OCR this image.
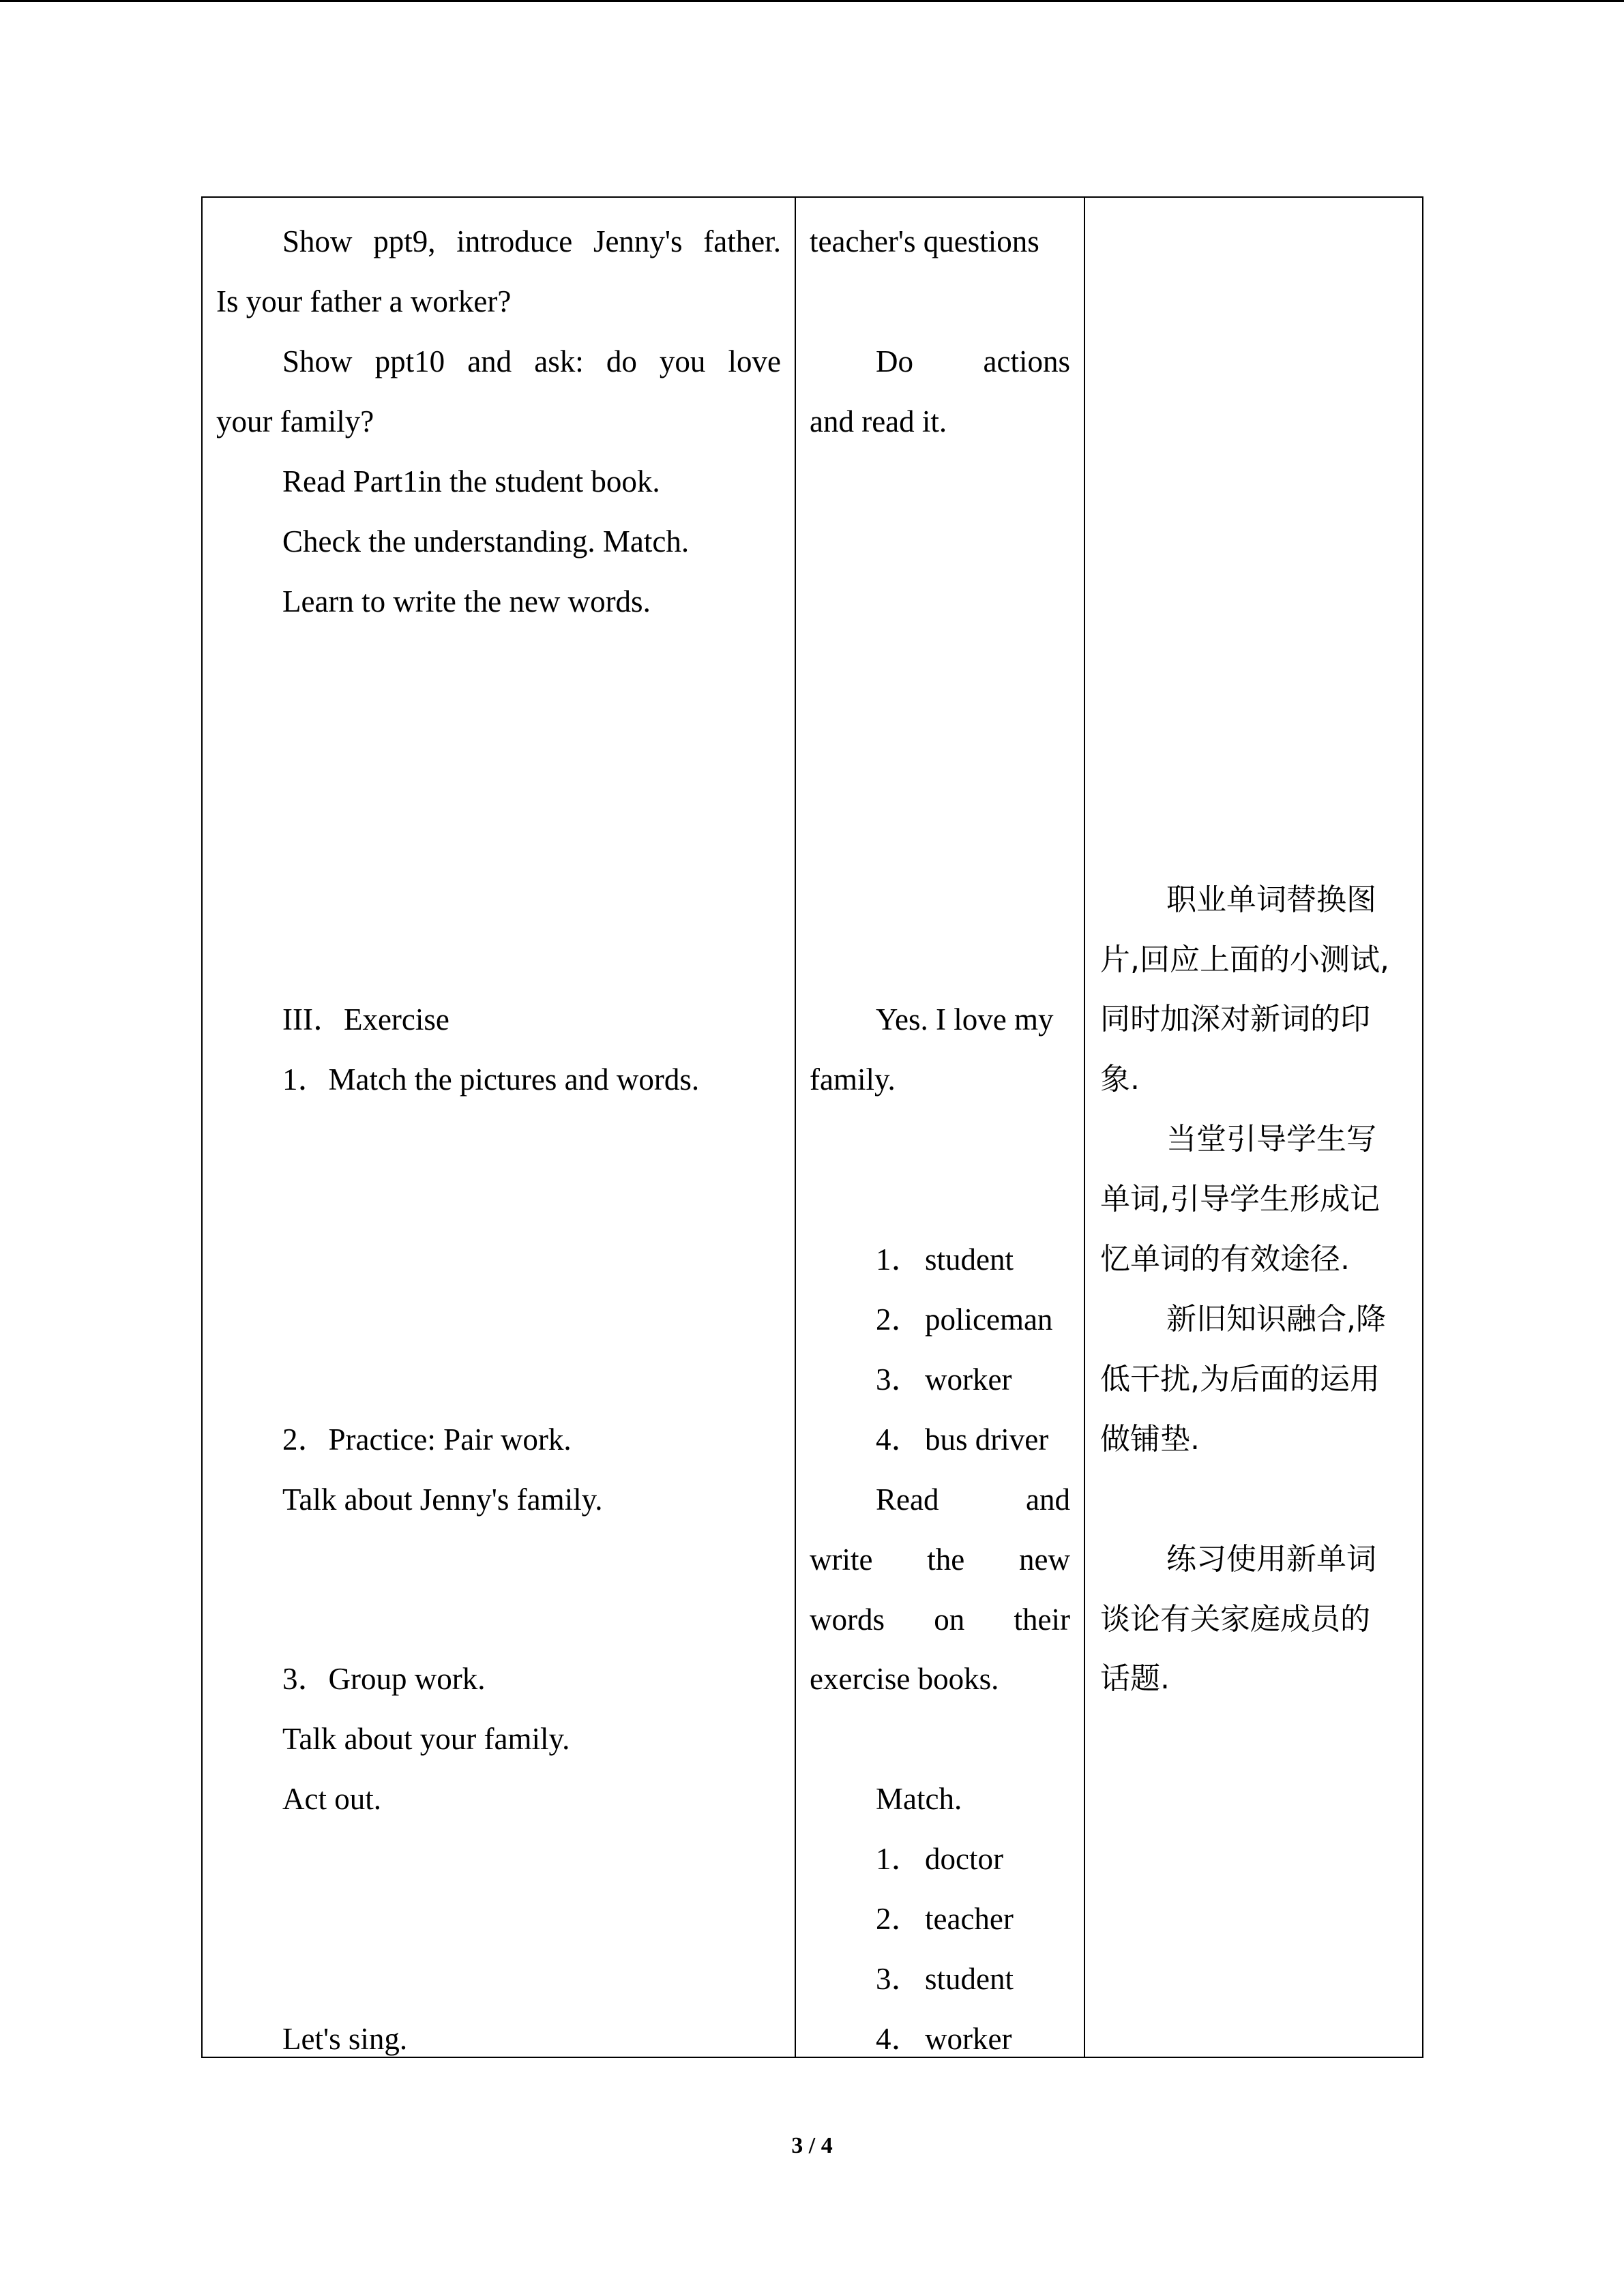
Show ppt9, introduce Jenny's father.
Is your father a worker?
Show ppt10 and ask: do you love
your family?
Read Part1in the student book.
Check the understanding. Match.
Learn to write the new words.
III．Exercise
1．Match the pictures and words.
2．Practice: Pair work.
Talk about Jenny's family.
3．Group work.
Talk about your family.
Act out.
Let's sing.
teacher's questions
Do actions
and read it.
Yes. I love my
family.
1．student
2．policeman
3．worker
4．bus driver
Read and
write the new
words on their
exercise books.
Match.
1．doctor
2．teacher
3．student
4．worker
职业单词替换图
片,回应上面的小测试,
同时加深对新词的印
象.
当堂引导学生写
单词,引导学生形成记
忆单词的有效途径.
新旧知识融合,降
低干扰,为后面的运用
做铺垫.
练习使用新单词
谈论有关家庭成员的
话题.
3 / 4
